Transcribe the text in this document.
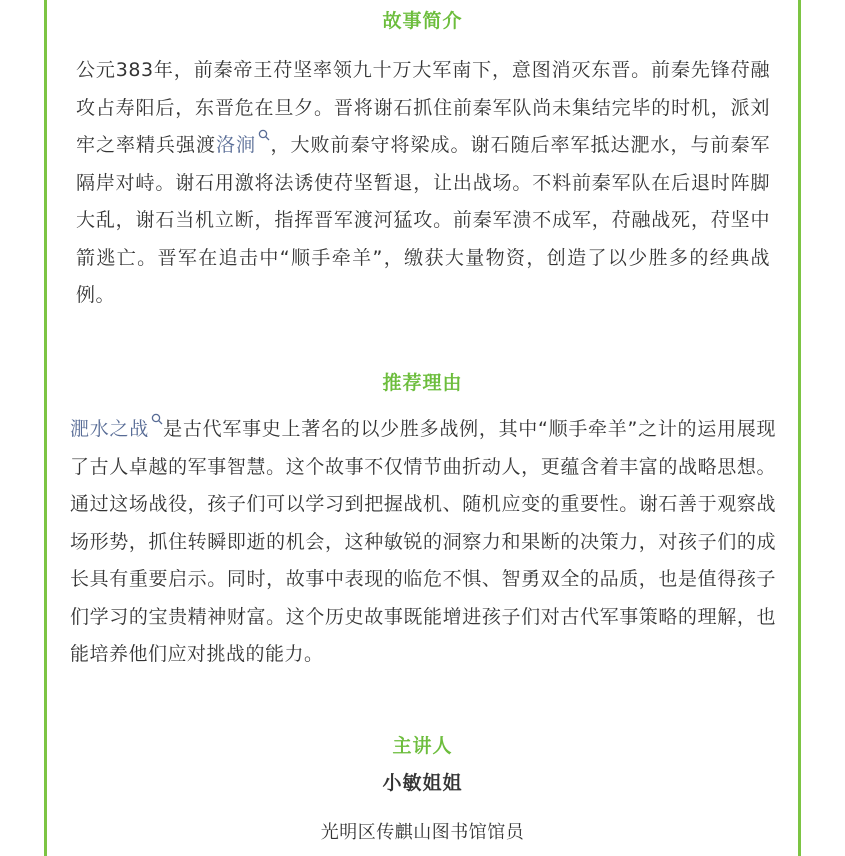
故事简介

公元383年，前秦帝王苻坚率领九十万大军南下，意图消灭东晋。前秦先锋苻融攻占寿阳后，东晋危在旦夕。晋将谢石抓住前秦军队尚未集结完毕的时机，派刘牢之率精兵强渡洛涧 ，大败前秦守将梁成。谢石随后率军抵达淝水，与前秦军隔岸对峙。谢石用激将法诱使苻坚暂退，让出战场。不料前秦军队在后退时阵脚大乱，谢石当机立断，指挥晋军渡河猛攻。前秦军溃不成军，苻融战死，苻坚中箭逃亡。晋军在追击中“顺手牵羊”，缴获大量物资，创造了以少胜多的经典战例。

推荐理由

淝水之战 是古代军事史上著名的以少胜多战例，其中“顺手牵羊”之计的运用展现了古人卓越的军事智慧。这个故事不仅情节曲折动人，更蕴含着丰富的战略思想。通过这场战役，孩子们可以学习到把握战机、随机应变的重要性。谢石善于观察战场形势，抓住转瞬即逝的机会，这种敏锐的洞察力和果断的决策力，对孩子们的成长具有重要启示。同时，故事中表现的临危不惧、智勇双全的品质，也是值得孩子们学习的宝贵精神财富。这个历史故事既能增进孩子们对古代军事策略的理解，也能培养他们应对挑战的能力。

主讲人
小敏姐姐
光明区传麒山图书馆馆员
